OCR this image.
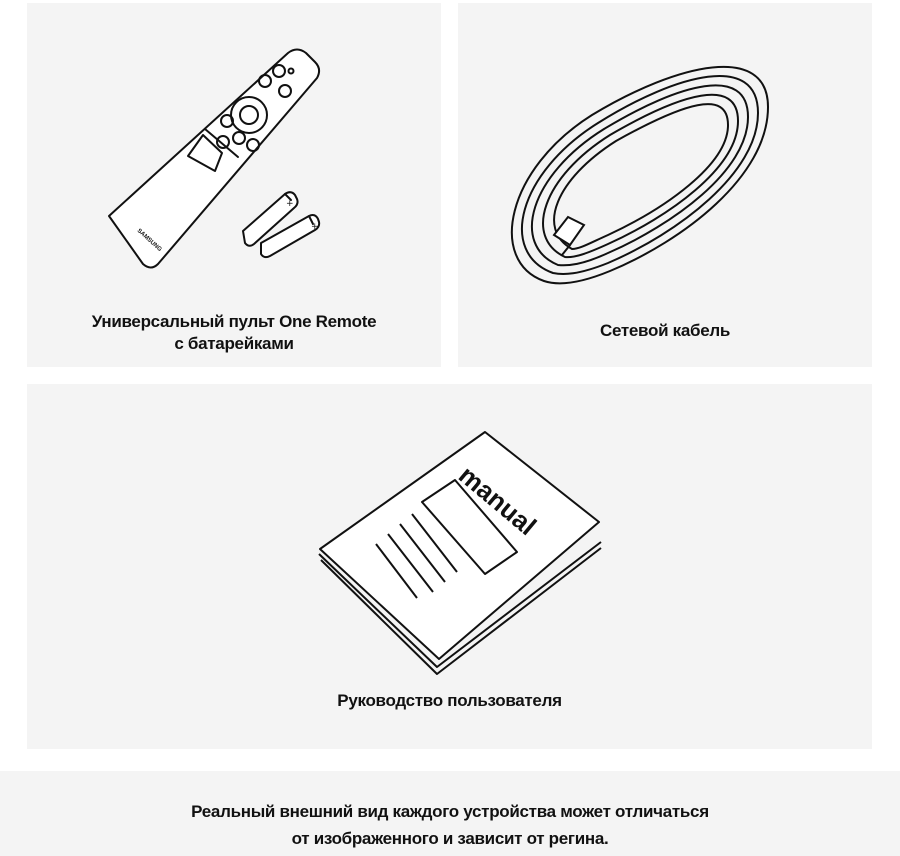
SAMSUNG
+
+
Универсальный пульт One Remote
с батарейками
Сетевой кабель
manual
Руководство пользователя
Реальный внешний вид каждого устройства может отличаться
от изображенного и зависит от регина.
